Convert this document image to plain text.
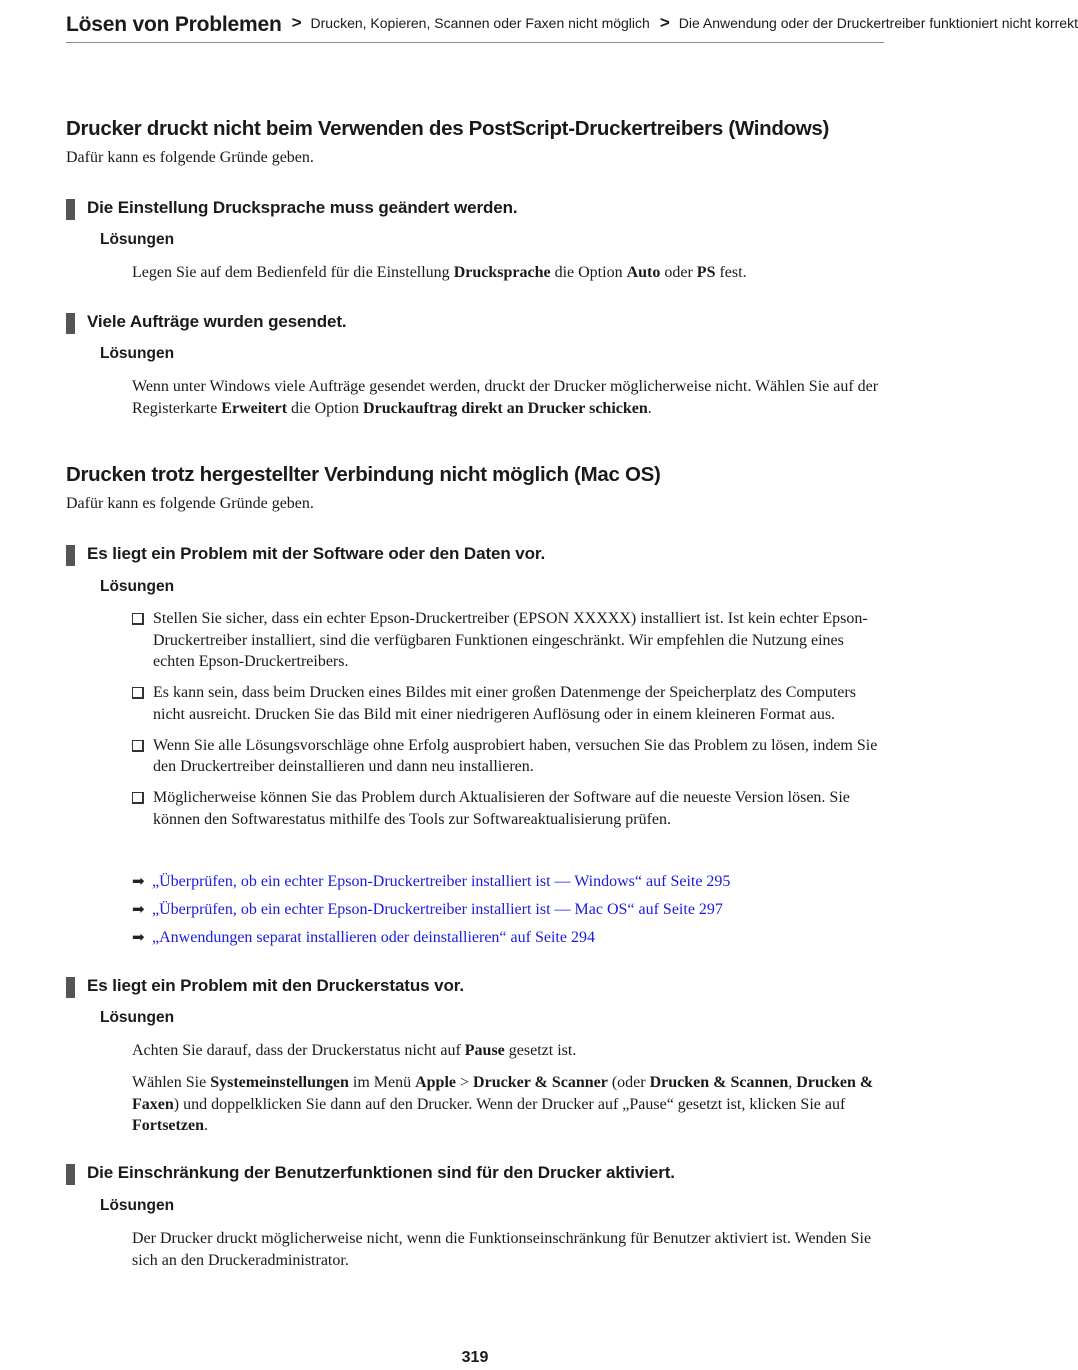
Lösen von Problemen > Drucken, Kopieren, Scannen oder Faxen nicht möglich > Die Anwendung oder der Druckertreiber funktioniert nicht korrekt
Drucker druckt nicht beim Verwenden des PostScript-Druckertreibers (Windows)

Dafür kann es folgende Gründe geben.

Die Einstellung Drucksprache muss geändert werden.
Lösungen
Legen Sie auf dem Bedienfeld für die Einstellung Drucksprache die Option Auto oder PS fest.
Viele Aufträge wurden gesendet.
Lösungen
Wenn unter Windows viele Aufträge gesendet werden, druckt der Drucker möglicherweise nicht. Wählen Sie auf der Registerkarte Erweitert die Option Druckauftrag direkt an Drucker schicken.
Drucken trotz hergestellter Verbindung nicht möglich (Mac OS)

Dafür kann es folgende Gründe geben.

Es liegt ein Problem mit der Software oder den Daten vor.
Lösungen
Stellen Sie sicher, dass ein echter Epson-Druckertreiber (EPSON XXXXX) installiert ist. Ist kein echter Epson-Druckertreiber installiert, sind die verfügbaren Funktionen eingeschränkt. Wir empfehlen die Nutzung eines echten Epson-Druckertreibers.
Es kann sein, dass beim Drucken eines Bildes mit einer großen Datenmenge der Speicherplatz des Computers nicht ausreicht. Drucken Sie das Bild mit einer niedrigeren Auflösung oder in einem kleineren Format aus.
Wenn Sie alle Lösungsvorschläge ohne Erfolg ausprobiert haben, versuchen Sie das Problem zu lösen, indem Sie den Druckertreiber deinstallieren und dann neu installieren.
Möglicherweise können Sie das Problem durch Aktualisieren der Software auf die neueste Version lösen. Sie können den Softwarestatus mithilfe des Tools zur Softwareaktualisierung prüfen.
➡ „Überprüfen, ob ein echter Epson-Druckertreiber installiert ist — Windows“ auf Seite 295
➡ „Überprüfen, ob ein echter Epson-Druckertreiber installiert ist — Mac OS“ auf Seite 297
➡ „Anwendungen separat installieren oder deinstallieren“ auf Seite 294
Es liegt ein Problem mit den Druckerstatus vor.
Lösungen
Achten Sie darauf, dass der Druckerstatus nicht auf Pause gesetzt ist.
Wählen Sie Systemeinstellungen im Menü Apple > Drucker & Scanner (oder Drucken & Scannen, Drucken & Faxen) und doppelklicken Sie dann auf den Drucker. Wenn der Drucker auf „Pause“ gesetzt ist, klicken Sie auf Fortsetzen.
Die Einschränkung der Benutzerfunktionen sind für den Drucker aktiviert.
Lösungen
Der Drucker druckt möglicherweise nicht, wenn die Funktionseinschränkung für Benutzer aktiviert ist. Wenden Sie sich an den Druckeradministrator.
319
